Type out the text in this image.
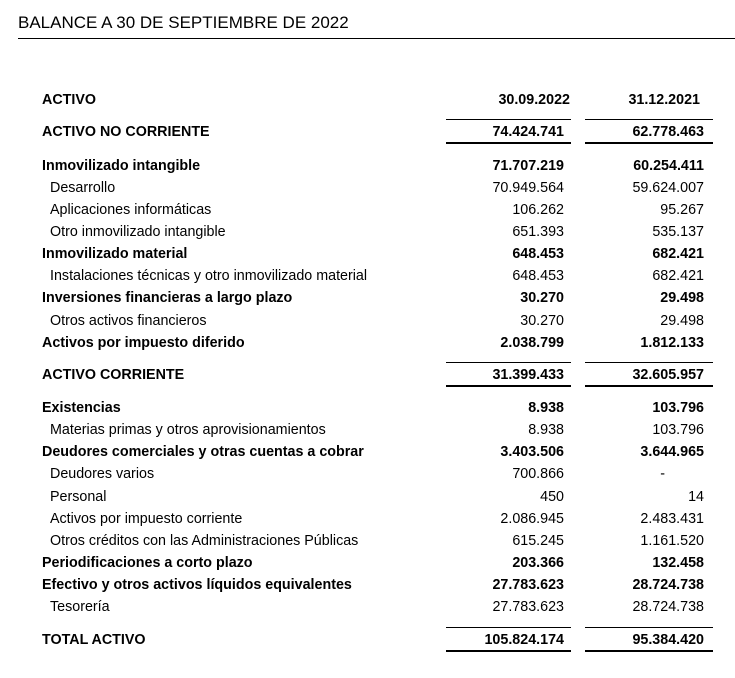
BALANCE A 30 DE SEPTIEMBRE DE 2022
ACTIVO	30.09.2022	31.12.2021
ACTIVO NO CORRIENTE	74.424.741	62.778.463
Inmovilizado intangible	71.707.219	60.254.411
Desarrollo	70.949.564	59.624.007
Aplicaciones informáticas	106.262	95.267
Otro inmovilizado intangible	651.393	535.137
Inmovilizado material	648.453	682.421
Instalaciones técnicas y otro inmovilizado material	648.453	682.421
Inversiones financieras a largo plazo	30.270	29.498
Otros activos financieros	30.270	29.498
Activos por impuesto diferido	2.038.799	1.812.133
ACTIVO CORRIENTE	31.399.433	32.605.957
Existencias	8.938	103.796
Materias primas y otros aprovisionamientos	8.938	103.796
Deudores comerciales y otras cuentas a cobrar	3.403.506	3.644.965
Deudores varios	700.866	-
Personal	450	14
Activos por impuesto corriente	2.086.945	2.483.431
Otros créditos con las Administraciones Públicas	615.245	1.161.520
Periodificaciones a corto plazo	203.366	132.458
Efectivo y otros activos líquidos equivalentes	27.783.623	28.724.738
Tesorería	27.783.623	28.724.738
TOTAL ACTIVO	105.824.174	95.384.420
